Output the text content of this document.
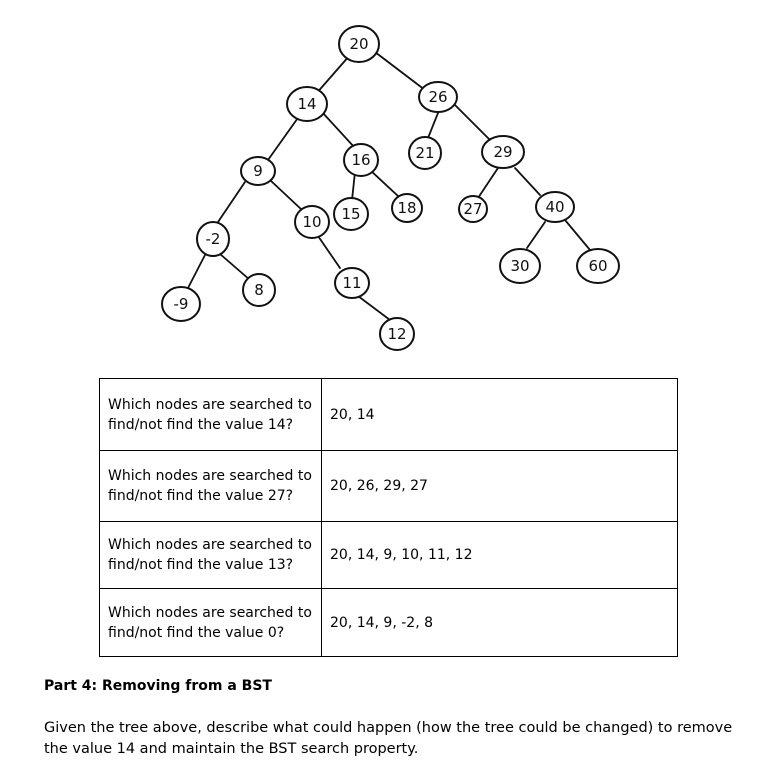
20
14	26
9
16	21	29
-2
10 15 18	27	40
-9
8	11
30	60
12
Which nodes are searched to find/not find the value 14?	20, 14
Which nodes are searched to find/not find the value 27?	20, 26, 29, 27
Which nodes are searched to find/not find the value 13?	20, 14, 9, 10, 11, 12
Which nodes are searched to find/not find the value 0?	20, 14, 9, -2, 8
Part 4: Removing from a BST
Given the tree above, describe what could happen (how the tree could be changed) to remove the value 14 and maintain the BST search property.
